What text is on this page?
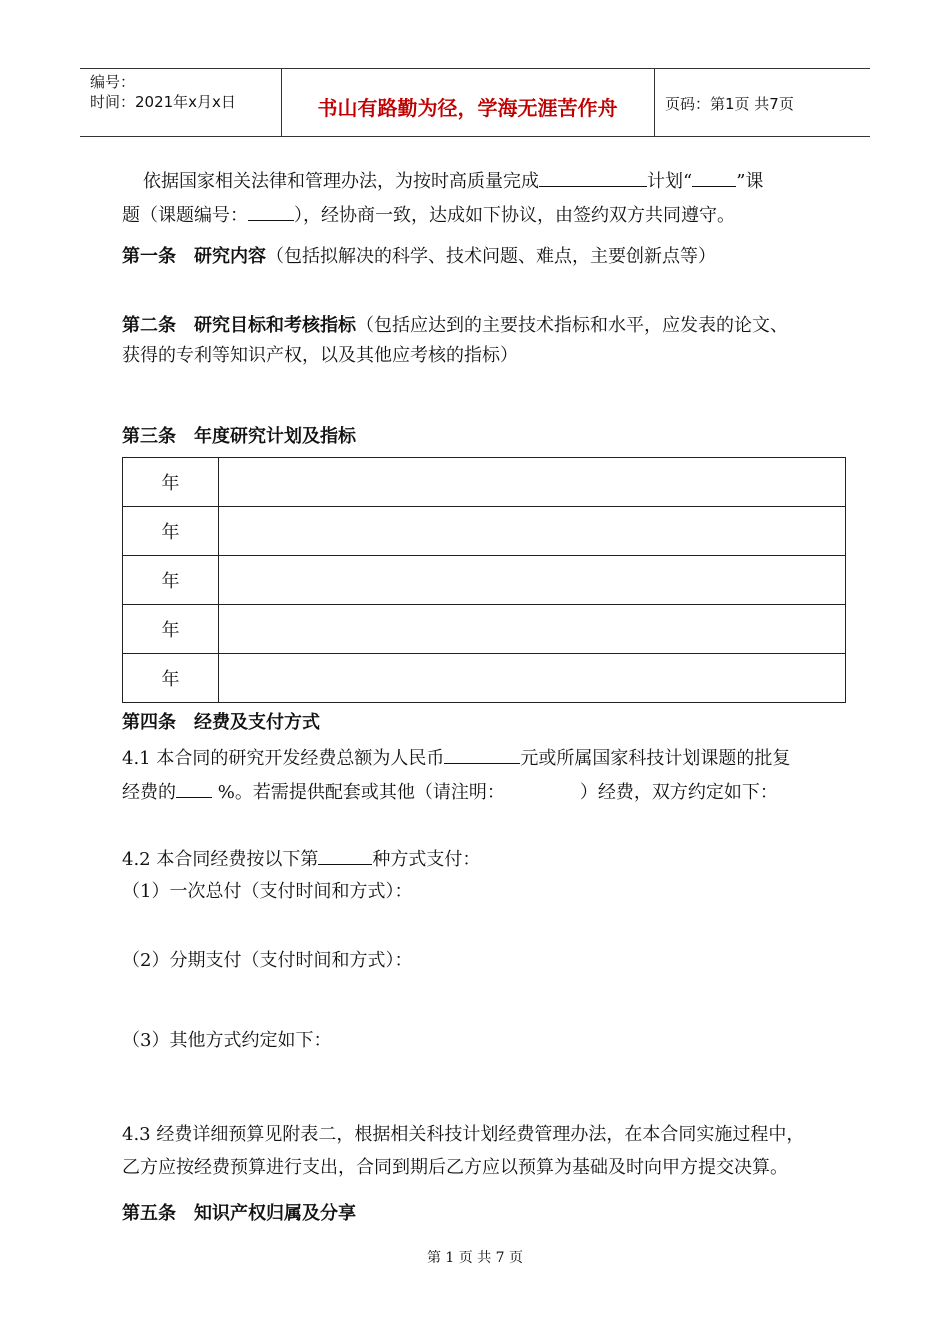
编号：
时间：2021年x月x日	书山有路勤为径，学海无涯苦作舟	页码：第1页 共7页
依据国家相关法律和管理办法，为按时高质量完成	计划“ ”课
题（课题编号：	），经协商一致，达成如下协议，由签约双方共同遵守。
第一条　研究内容（包括拟解决的科学、技术问题、难点，主要创新点等）
第二条　研究目标和考核指标（包括应达到的主要技术指标和水平，应发表的论文、
获得的专利等知识产权，以及其他应考核的指标）
第三条　年度研究计划及指标
年	
年	
年	
年	
年	
第四条　经费及支付方式
4.1 本合同的研究开发经费总额为人民币	元或所属国家科技计划课题的批复
经费的 %。若需提供配套或其他（请注明：	）经费，双方约定如下：
4.2 本合同经费按以下第	种方式支付：
（1）一次总付（支付时间和方式）：
（2）分期支付（支付时间和方式）：
（3）其他方式约定如下：
4.3 经费详细预算见附表二，根据相关科技计划经费管理办法，在本合同实施过程中，
乙方应按经费预算进行支出，合同到期后乙方应以预算为基础及时向甲方提交决算。
第五条　知识产权归属及分享
第 1 页 共 7 页
